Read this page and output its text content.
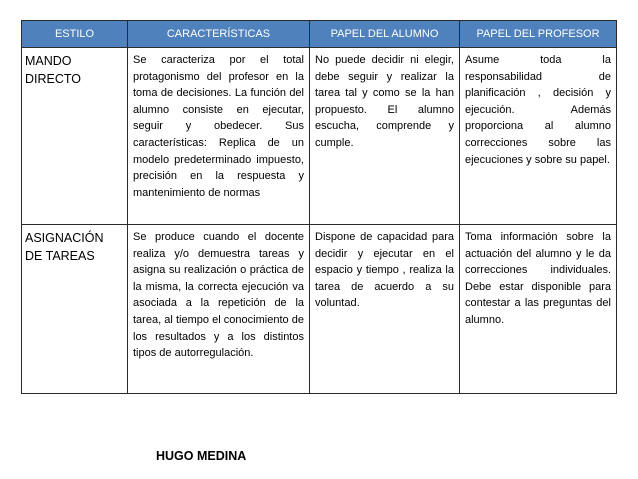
ESTILO	CARACTERÍSTICAS	PAPEL DEL ALUMNO	PAPEL DEL PROFESOR
MANDO DIRECTO	Se caracteriza por el total protagonismo del profesor en la toma de decisiones. La función del alumno consiste en ejecutar, seguir y obedecer. Sus características: Replica de un modelo predeterminado impuesto, precisión en la respuesta y mantenimiento de normas	No puede decidir ni elegir, debe seguir y realizar la tarea tal y como se la han propuesto. El alumno escucha, comprende y cumple.	Asume toda la responsabilidad de planificación , decisión y ejecución. Además proporciona al alumno correcciones sobre las ejecuciones y sobre su papel.
ASIGNACIÓN DE TAREAS	Se produce cuando el docente realiza y/o demuestra tareas y asigna su realización o práctica de la misma, la correcta ejecución va asociada a la repetición de la tarea, al tiempo el conocimiento de los resultados y a los distintos tipos de autorregulación.	Dispone de capacidad para decidir y ejecutar en el espacio y tiempo , realiza la tarea de acuerdo a su voluntad.	Toma información sobre la actuación del alumno y le da correcciones individuales. Debe estar disponible para contestar a las preguntas del alumno.
HUGO MEDINA
